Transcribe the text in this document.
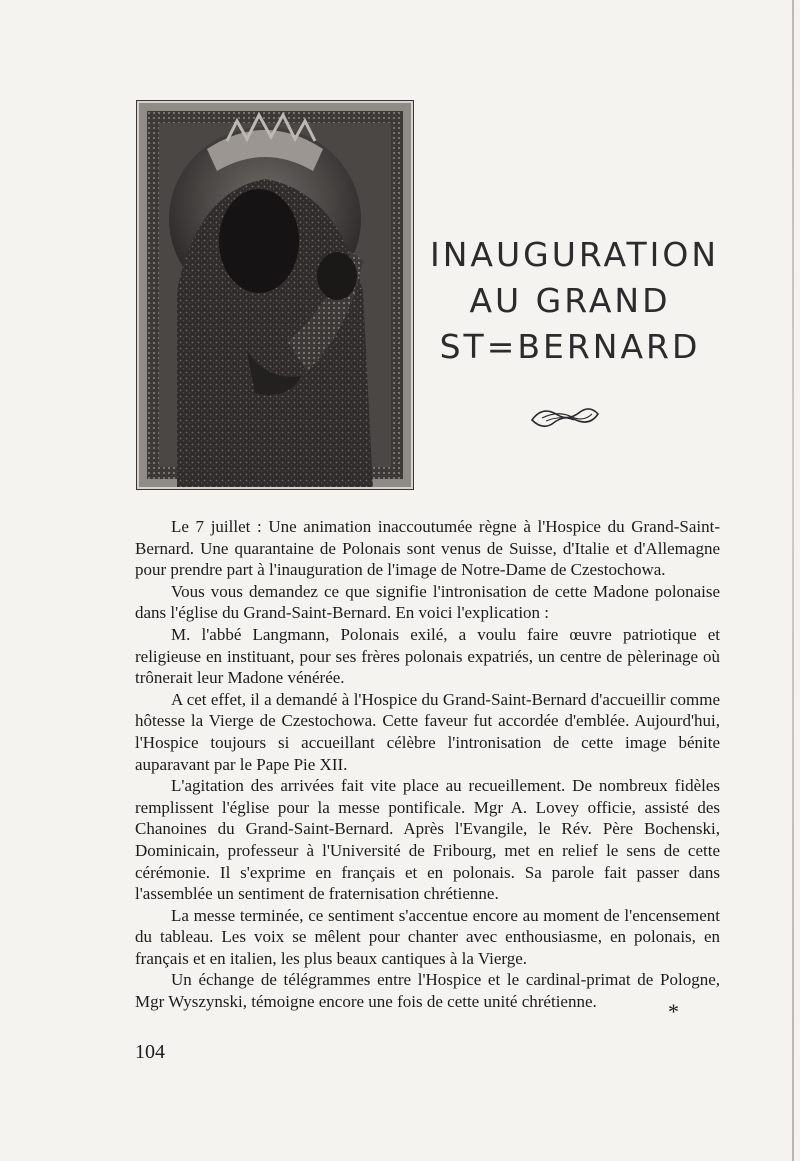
INAUGURATION
AU GRAND
ST=BERNARD

Le 7 juillet : Une animation inaccoutumée règne à l'Hospice du Grand-Saint-Bernard. Une quarantaine de Polonais sont venus de Suisse, d'Italie et d'Allemagne pour prendre part à l'inauguration de l'image de Notre-Dame de Czestochowa.

Vous vous demandez ce que signifie l'intronisation de cette Madone polonaise dans l'église du Grand-Saint-Bernard. En voici l'explication :

M. l'abbé Langmann, Polonais exilé, a voulu faire œuvre patriotique et religieuse en instituant, pour ses frères polonais expatriés, un centre de pèlerinage où trônerait leur Madone vénérée.

A cet effet, il a demandé à l'Hospice du Grand-Saint-Bernard d'accueillir comme hôtesse la Vierge de Czestochowa. Cette faveur fut accordée d'emblée. Aujourd'hui, l'Hospice toujours si accueillant célèbre l'intronisation de cette image bénite auparavant par le Pape Pie XII.

L'agitation des arrivées fait vite place au recueillement. De nombreux fidèles remplissent l'église pour la messe pontificale. Mgr A. Lovey officie, assisté des Chanoines du Grand-Saint-Bernard. Après l'Evangile, le Rév. Père Bochenski, Dominicain, professeur à l'Université de Fribourg, met en relief le sens de cette cérémonie. Il s'exprime en français et en polonais. Sa parole fait passer dans l'assemblée un sentiment de fraternisation chrétienne.

La messe terminée, ce sentiment s'accentue encore au moment de l'encensement du tableau. Les voix se mêlent pour chanter avec enthousiasme, en polonais, en français et en italien, les plus beaux cantiques à la Vierge.

Un échange de télégrammes entre l'Hospice et le cardinal-primat de Pologne, Mgr Wyszynski, témoigne encore une fois de cette unité chrétienne.	*
104
